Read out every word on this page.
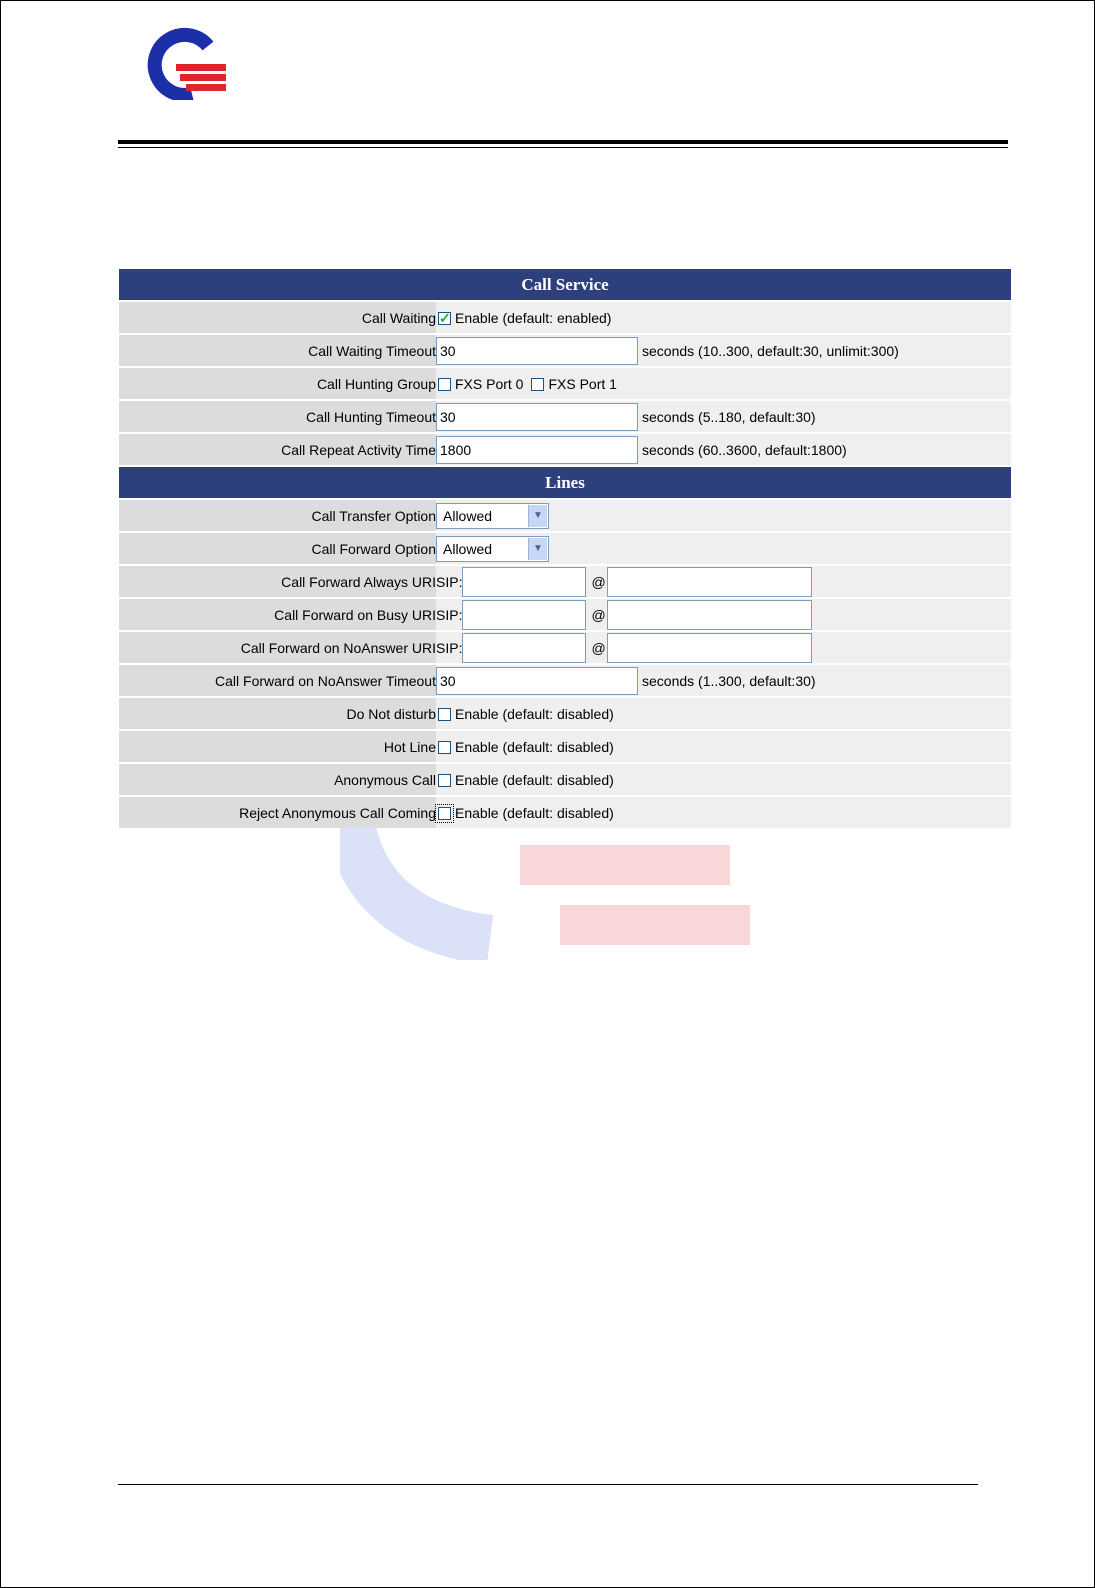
Call Service	
Call Waiting	✓Enable (default: enabled)
Call Waiting Timeout	30 seconds (10..300, default:30, unlimit:300)
Call Hunting Group	FXS Port 0 FXS Port 1
Call Hunting Timeout	30 seconds (5..180, default:30)
Call Repeat Activity Time	1800 seconds (60..3600, default:1800)
Lines	
Call Transfer Option	Allowed ▼

Call Forward Option	Allowed ▼

Call Forward Always URI	SIP: @
Call Forward on Busy URI	SIP: @
Call Forward on NoAnswer URI	SIP: @
Call Forward on NoAnswer Timeout	30 seconds (1..300, default:30)
Do Not disturb	Enable (default: disabled)
Hot Line	Enable (default: disabled)
Anonymous Call	Enable (default: disabled)
Reject Anonymous Call Coming	Enable (default: disabled)
